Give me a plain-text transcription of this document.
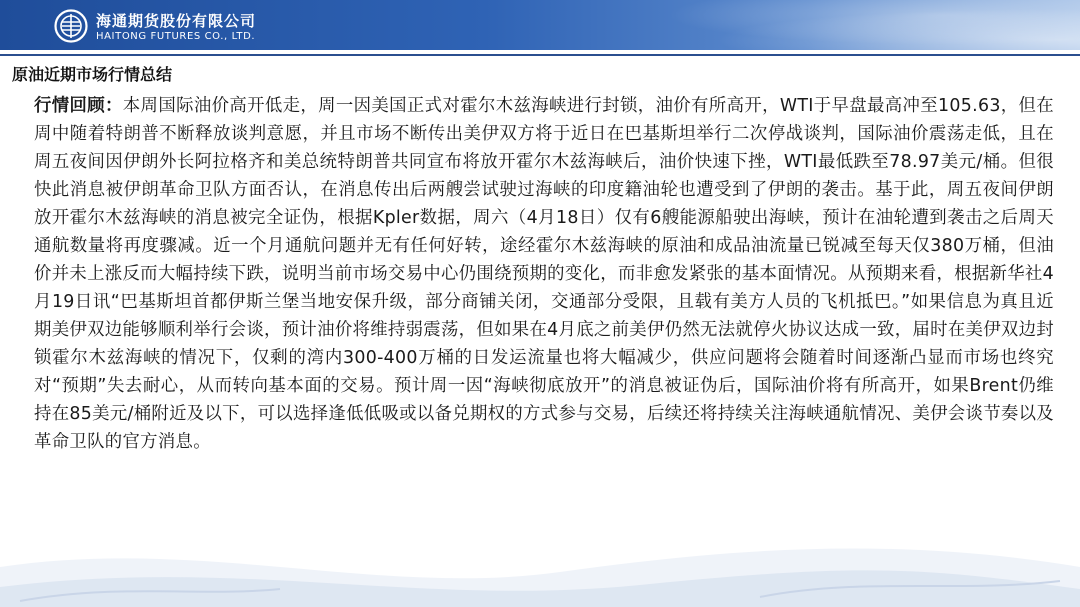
海通期货股份有限公司
HAITONG FUTURES CO., LTD.
原油近期市场行情总结
行情回顾：本周国际油价高开低走，周一因美国正式对霍尔木兹海峡进行封锁，油价有所高开，WTI于早盘最高冲至105.63，但在周中随着特朗普不断释放谈判意愿，并且市场不断传出美伊双方将于近日在巴基斯坦举行二次停战谈判，国际油价震荡走低，且在周五夜间因伊朗外长阿拉格齐和美总统特朗普共同宣布将放开霍尔木兹海峡后，油价快速下挫，WTI最低跌至78.97美元/桶。但很快此消息被伊朗革命卫队方面否认，在消息传出后两艘尝试驶过海峡的印度籍油轮也遭受到了伊朗的袭击。基于此，周五夜间伊朗放开霍尔木兹海峡的消息被完全证伪，根据Kpler数据，周六（4月18日）仅有6艘能源船驶出海峡，预计在油轮遭到袭击之后周天通航数量将再度骤减。近一个月通航问题并无有任何好转，途经霍尔木兹海峡的原油和成品油流量已锐减至每天仅380万桶，但油价并未上涨反而大幅持续下跌，说明当前市场交易中心仍围绕预期的变化，而非愈发紧张的基本面情况。从预期来看，根据新华社4月19日讯“巴基斯坦首都伊斯兰堡当地安保升级，部分商铺关闭，交通部分受限，且载有美方人员的飞机抵巴。”如果信息为真且近期美伊双边能够顺利举行会谈，预计油价将维持弱震荡，但如果在4月底之前美伊仍然无法就停火协议达成一致，届时在美伊双边封锁霍尔木兹海峡的情况下，仅剩的湾内300-400万桶的日发运流量也将大幅减少，供应问题将会随着时间逐渐凸显而市场也终究对“预期”失去耐心，从而转向基本面的交易。预计周一因“海峡彻底放开”的消息被证伪后，国际油价将有所高开，如果Brent仍维持在85美元/桶附近及以下，可以选择逢低低吸或以备兑期权的方式参与交易，后续还将持续关注海峡通航情况、美伊会谈节奏以及革命卫队的官方消息。
